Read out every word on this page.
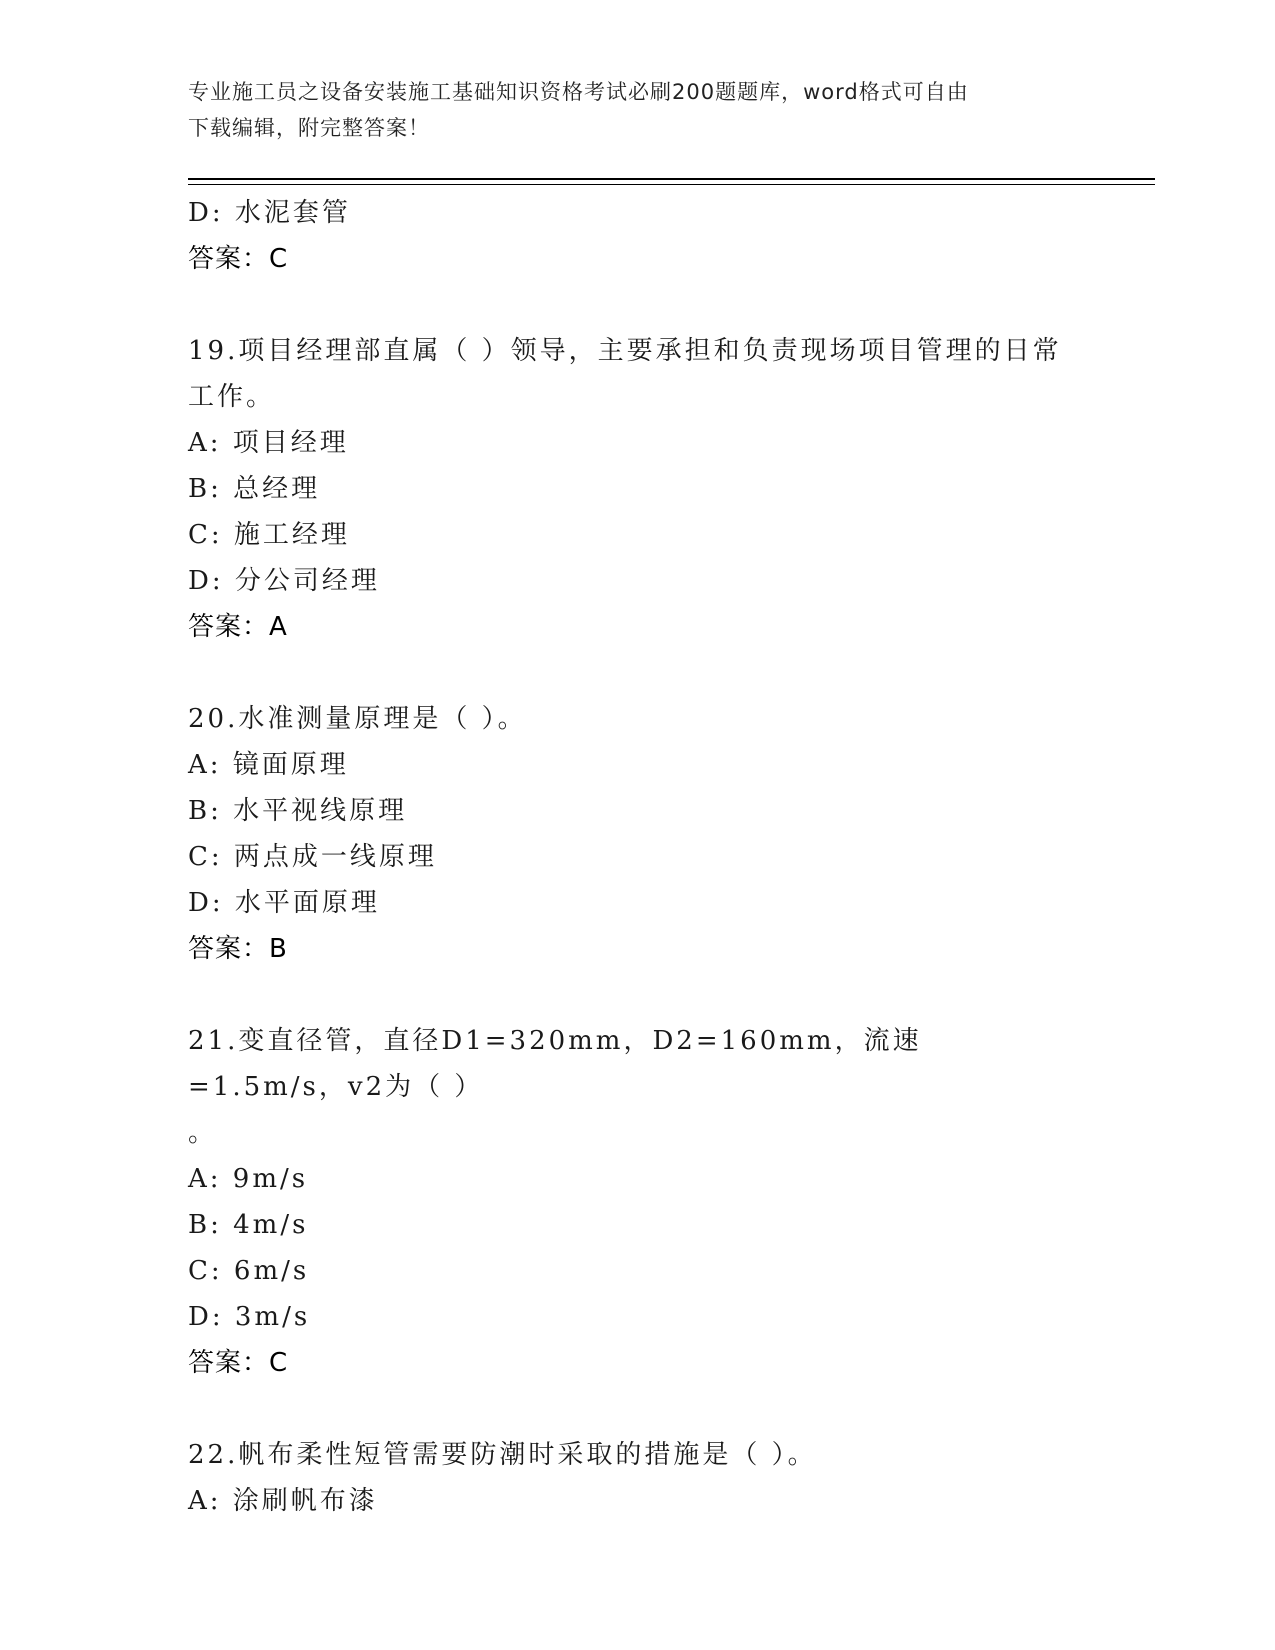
专业施工员之设备安装施工基础知识资格考试必刷200题题库，word格式可自由
下载编辑，附完整答案！
D: 水泥套管
答案：C
19.项目经理部直属（ ）领导，主要承担和负责现场项目管理的日常
工作。
A: 项目经理
B: 总经理
C: 施工经理
D: 分公司经理
答案：A
20.水准测量原理是（ ）。
A: 镜面原理
B: 水平视线原理
C: 两点成一线原理
D: 水平面原理
答案：B
21.变直径管，直径D1=320mm，D2=160mm，流速=1.5m/s，v2为（ ）
。
A: 9m/s
B: 4m/s
C: 6m/s
D: 3m/s
答案：C
22.帆布柔性短管需要防潮时采取的措施是（ ）。
A: 涂刷帆布漆
